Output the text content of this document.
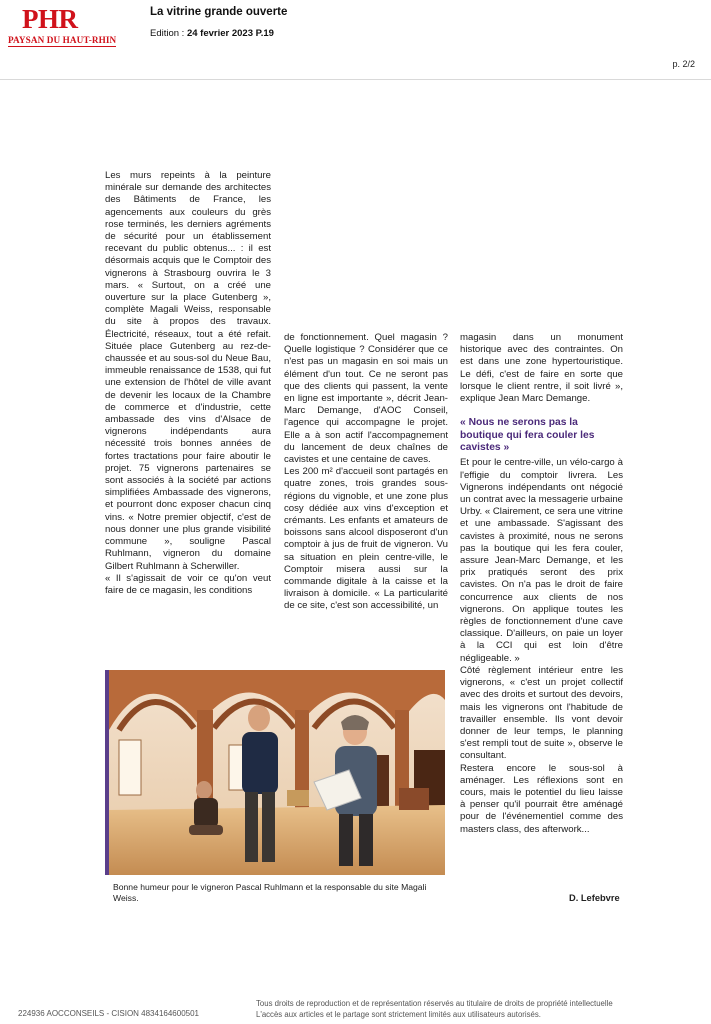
PHR
PAYSAN DU HAUT-RHIN
La vitrine grande ouverte
Edition : 24 fevrier 2023 P.19
p. 2/2

Les murs repeints à la peinture minérale sur demande des architectes des Bâtiments de France, les agencements aux couleurs du grès rose terminés, les derniers agréments de sécurité pour un établissement recevant du public obtenus... : il est désormais acquis que le Comptoir des vignerons à Strasbourg ouvrira le 3 mars. « Surtout, on a créé une ouverture sur la place Gutenberg », complète Magali Weiss, responsable du site à propos des travaux. Électricité, réseaux, tout a été refait. Située place Gutenberg au rez-de-chaussée et au sous-sol du Neue Bau, immeuble renaissance de 1538, qui fut une extension de l'hôtel de ville avant de devenir les locaux de la Chambre de commerce et d'industrie, cette ambassade des vins d'Alsace de vignerons indépendants aura nécessité trois bonnes années de fortes tractations pour faire aboutir le projet. 75 vignerons partenaires se sont associés à la société par actions simplifiées Ambassade des vignerons, et pourront donc exposer chacun cinq vins. « Notre premier objectif, c'est de nous donner une plus grande visibilité commune », souligne Pascal Ruhlmann, vigneron du domaine Gilbert Ruhlmann à Scherwiller.

« Il s'agissait de voir ce qu'on veut faire de ce magasin, les conditions

de fonctionnement. Quel magasin ? Quelle logistique ? Considérer que ce n'est pas un magasin en soi mais un élément d'un tout. Ce ne seront pas que des clients qui passent, la vente en ligne est importante », décrit Jean-Marc Demange, d'AOC Conseil, l'agence qui accompagne le projet. Elle a à son actif l'accompagnement du lancement de deux chaînes de cavistes et une centaine de caves.

Les 200 m² d'accueil sont partagés en quatre zones, trois grandes sous-régions du vignoble, et une zone plus cosy dédiée aux vins d'exception et crémants. Les enfants et amateurs de boissons sans alcool disposeront d'un comptoir à jus de fruit de vigneron. Vu sa situation en plein centre-ville, le Comptoir misera aussi sur la commande digitale à la caisse et la livraison à domicile. « La particularité de ce site, c'est son accessibilité, un

magasin dans un monument historique avec des contraintes. On est dans une zone hypertouristique. Le défi, c'est de faire en sorte que lorsque le client rentre, il soit livré », explique Jean Marc Demange.

« Nous ne serons pas la boutique qui fera couler les cavistes »

Et pour le centre-ville, un vélo-cargo à l'effigie du comptoir livrera. Les Vignerons indépendants ont négocié un contrat avec la messagerie urbaine Urby. « Clairement, ce sera une vitrine et une ambassade. S'agissant des cavistes à proximité, nous ne serons pas la boutique qui les fera couler, assure Jean-Marc Demange, et les prix pratiqués seront des prix cavistes. On n'a pas le droit de faire concurrence aux clients de nos vignerons. On applique toutes les règles de fonctionnement d'une cave classique. D'ailleurs, on paie un loyer à la CCI qui est loin d'être négligeable. »

Côté règlement intérieur entre les vignerons, « c'est un projet collectif avec des droits et surtout des devoirs, mais les vignerons ont l'habitude de travailler ensemble. Ils vont devoir donner de leur temps, le planning s'est rempli tout de suite », observe le consultant.

Restera encore le sous-sol à aménager. Les réflexions sont en cours, mais le potentiel du lieu laisse à penser qu'il pourrait être aménagé pour de l'événementiel comme des masters class, des afterwork...

Bonne humeur pour le vigneron Pascal Ruhlmann et la responsable du site Magali Weiss.	D. Lefebvre
224936 AOCCONSEILS - CISION 4834164600501
Tous droits de reproduction et de représentation réservés au titulaire de droits de propriété intellectuelle
L'accès aux articles et le partage sont strictement limités aux utilisateurs autorisés.
